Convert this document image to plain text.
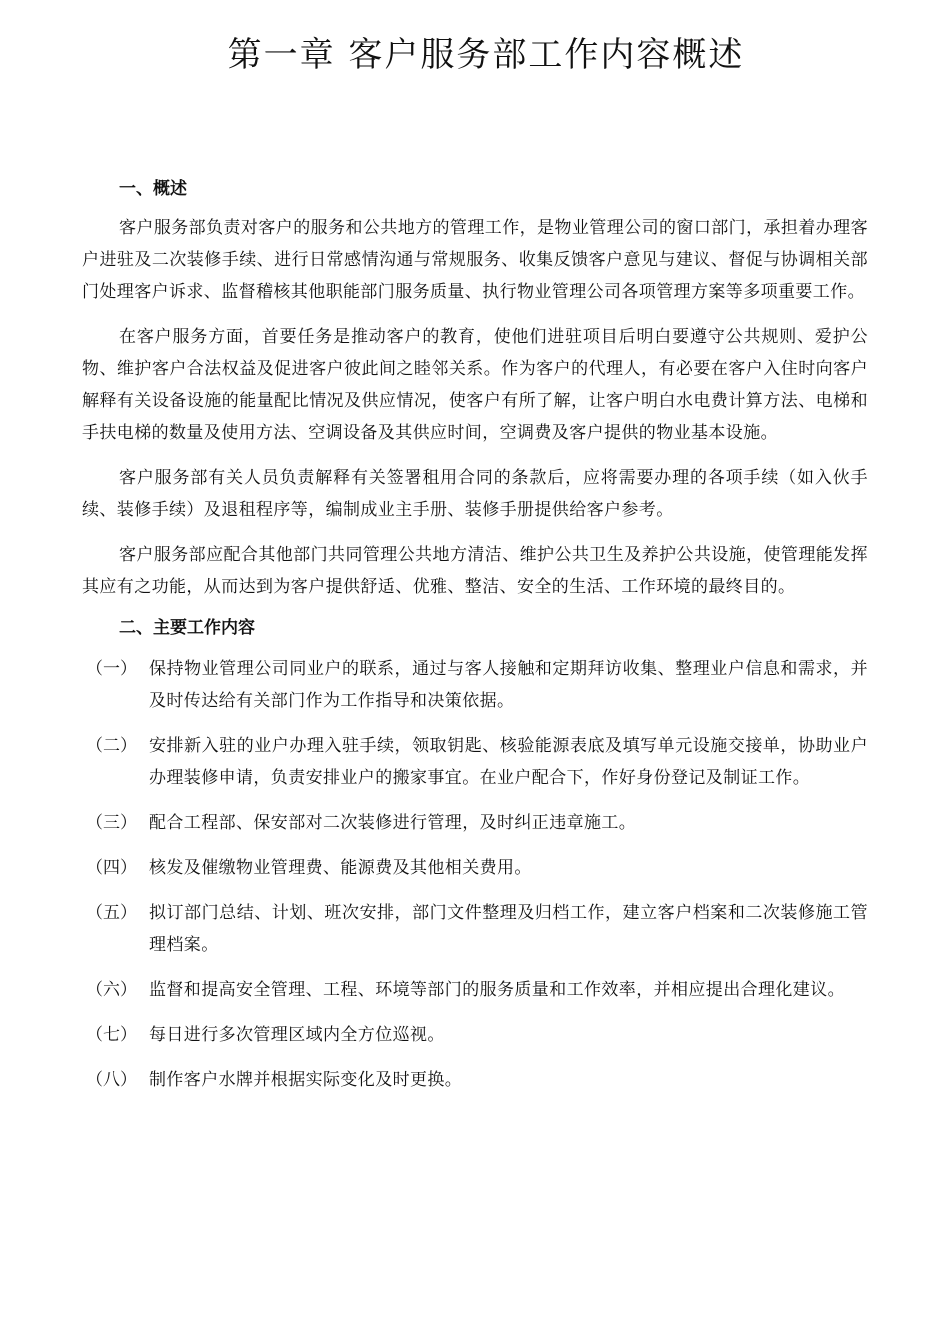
第一章 客户服务部工作内容概述
一、概述

客户服务部负责对客户的服务和公共地方的管理工作，是物业管理公司的窗口部门，承担着办理客户进驻及二次装修手续、进行日常感情沟通与常规服务、收集反馈客户意见与建议、督促与协调相关部门处理客户诉求、监督稽核其他职能部门服务质量、执行物业管理公司各项管理方案等多项重要工作。

在客户服务方面，首要任务是推动客户的教育，使他们进驻项目后明白要遵守公共规则、爱护公物、维护客户合法权益及促进客户彼此间之睦邻关系。作为客户的代理人，有必要在客户入住时向客户解释有关设备设施的能量配比情况及供应情况，使客户有所了解，让客户明白水电费计算方法、电梯和手扶电梯的数量及使用方法、空调设备及其供应时间，空调费及客户提供的物业基本设施。

客户服务部有关人员负责解释有关签署租用合同的条款后，应将需要办理的各项手续（如入伙手续、装修手续）及退租程序等，编制成业主手册、装修手册提供给客户参考。

客户服务部应配合其他部门共同管理公共地方清洁、维护公共卫生及养护公共设施，使管理能发挥其应有之功能，从而达到为客户提供舒适、优雅、整洁、安全的生活、工作环境的最终目的。

二、主要工作内容
（一） 保持物业管理公司同业户的联系，通过与客人接触和定期拜访收集、整理业户信息和需求，并及时传达给有关部门作为工作指导和决策依据。
（二） 安排新入驻的业户办理入驻手续，领取钥匙、核验能源表底及填写单元设施交接单，协助业户办理装修申请，负责安排业户的搬家事宜。在业户配合下，作好身份登记及制证工作。
（三） 配合工程部、保安部对二次装修进行管理，及时纠正违章施工。
（四） 核发及催缴物业管理费、能源费及其他相关费用。
（五） 拟订部门总结、计划、班次安排，部门文件整理及归档工作，建立客户档案和二次装修施工管理档案。
（六） 监督和提高安全管理、工程、环境等部门的服务质量和工作效率，并相应提出合理化建议。
（七） 每日进行多次管理区域内全方位巡视。
（八） 制作客户水牌并根据实际变化及时更换。
